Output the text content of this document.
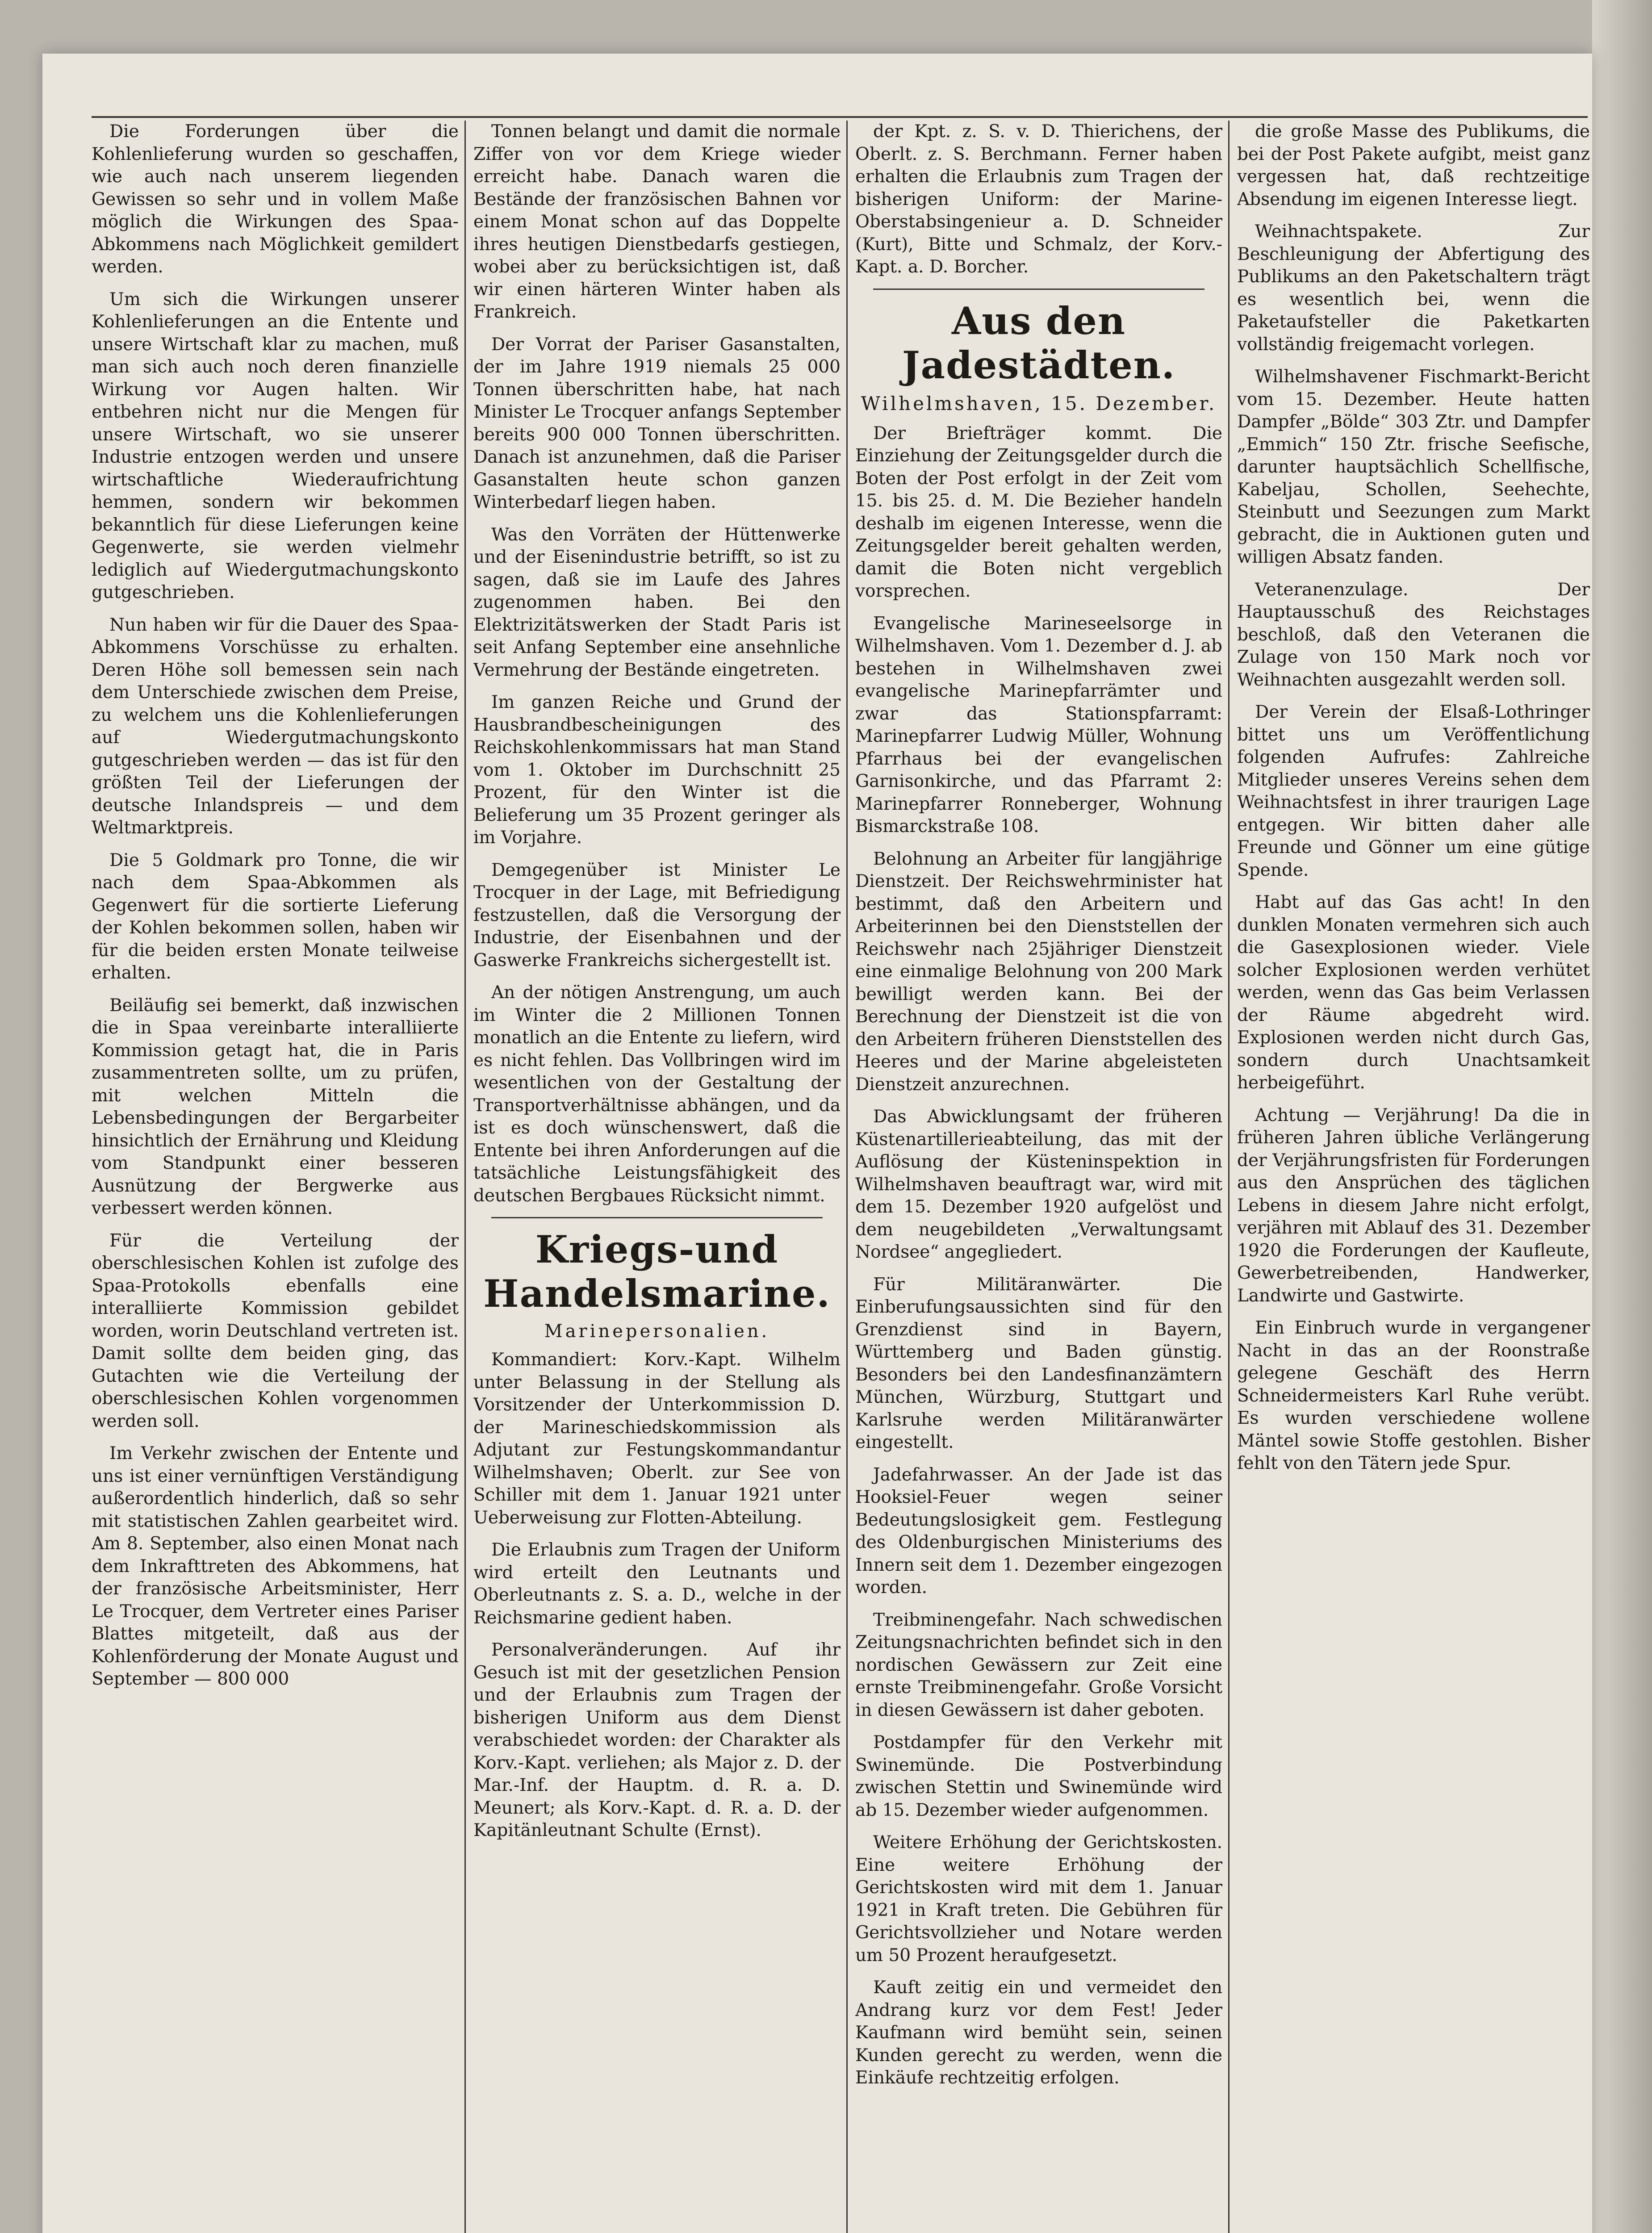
Die Forderungen über die Kohlenlieferung wurden so geschaffen, wie auch nach unserem liegenden Gewissen so sehr und in vollem Maße möglich die Wirkungen des Spaa-Abkommens nach Möglichkeit gemildert werden.

Um sich die Wirkungen unserer Kohlenlieferungen an die Entente und unsere Wirtschaft klar zu machen, muß man sich auch noch deren finanzielle Wirkung vor Augen halten. Wir entbehren nicht nur die Mengen für unsere Wirtschaft, wo sie unserer Industrie entzogen werden und unsere wirtschaftliche Wiederaufrichtung hemmen, sondern wir bekommen bekanntlich für diese Lieferungen keine Gegenwerte, sie werden vielmehr lediglich auf Wiedergutmachungskonto gutgeschrieben.

Nun haben wir für die Dauer des Spaa-Abkommens Vorschüsse zu erhalten. Deren Höhe soll bemessen sein nach dem Unterschiede zwischen dem Preise, zu welchem uns die Kohlenlieferungen auf Wiedergutmachungskonto gutgeschrieben werden — das ist für den größten Teil der Lieferungen der deutsche Inlandspreis — und dem Weltmarktpreis.

Die 5 Goldmark pro Tonne, die wir nach dem Spaa-Abkommen als Gegenwert für die sortierte Lieferung der Kohlen bekommen sollen, haben wir für die beiden ersten Monate teilweise erhalten.

Beiläufig sei bemerkt, daß inzwischen die in Spaa vereinbarte interalliierte Kommission getagt hat, die in Paris zusammentreten sollte, um zu prüfen, mit welchen Mitteln die Lebensbedingungen der Bergarbeiter hinsichtlich der Ernährung und Kleidung vom Standpunkt einer besseren Ausnützung der Bergwerke aus verbessert werden können.

Für die Verteilung der oberschlesischen Kohlen ist zufolge des Spaa-Protokolls ebenfalls eine interalliierte Kommission gebildet worden, worin Deutschland vertreten ist. Damit sollte dem beiden ging, das Gutachten wie die Verteilung der oberschlesischen Kohlen vorgenommen werden soll.

Im Verkehr zwischen der Entente und uns ist einer vernünftigen Verständigung außerordentlich hinderlich, daß so sehr mit statistischen Zahlen gearbeitet wird. Am 8. September, also einen Monat nach dem Inkrafttreten des Abkommens, hat der französische Arbeitsminister, Herr Le Trocquer, dem Vertreter eines Pariser Blattes mitgeteilt, daß aus der Kohlenförderung der Monate August und September — 800 000

Tonnen belangt und damit die normale Ziffer von vor dem Kriege wieder erreicht habe. Danach waren die Bestände der französischen Bahnen vor einem Monat schon auf das Doppelte ihres heutigen Dienstbedarfs gestiegen, wobei aber zu berücksichtigen ist, daß wir einen härteren Winter haben als Frankreich.

Der Vorrat der Pariser Gasanstalten, der im Jahre 1919 niemals 25 000 Tonnen überschritten habe, hat nach Minister Le Trocquer anfangs September bereits 900 000 Tonnen überschritten. Danach ist anzunehmen, daß die Pariser Gasanstalten heute schon ganzen Winterbedarf liegen haben.

Was den Vorräten der Hüttenwerke und der Eisenindustrie betrifft, so ist zu sagen, daß sie im Laufe des Jahres zugenommen haben. Bei den Elektrizitätswerken der Stadt Paris ist seit Anfang September eine ansehnliche Vermehrung der Bestände eingetreten.

Im ganzen Reiche und Grund der Hausbrandbescheinigungen des Reichskohlenkommissars hat man Stand vom 1. Oktober im Durchschnitt 25 Prozent, für den Winter ist die Belieferung um 35 Prozent geringer als im Vorjahre.

Demgegenüber ist Minister Le Trocquer in der Lage, mit Befriedigung festzustellen, daß die Versorgung der Industrie, der Eisenbahnen und der Gaswerke Frankreichs sichergestellt ist.

An der nötigen Anstrengung, um auch im Winter die 2 Millionen Tonnen monatlich an die Entente zu liefern, wird es nicht fehlen. Das Vollbringen wird im wesentlichen von der Gestaltung der Transportverhältnisse abhängen, und da ist es doch wünschenswert, daß die Entente bei ihren Anforderungen auf die tatsächliche Leistungsfähigkeit des deutschen Bergbaues Rücksicht nimmt.

Kriegs-und Handelsmarine.
Marinepersonalien.

Kommandiert: Korv.-Kapt. Wilhelm unter Belassung in der Stellung als Vorsitzender der Unterkommission D. der Marineschiedskommission als Adjutant zur Festungskommandantur Wilhelmshaven; Oberlt. zur See von Schiller mit dem 1. Januar 1921 unter Ueberweisung zur Flotten-Abteilung.

Die Erlaubnis zum Tragen der Uniform wird erteilt den Leutnants und Oberleutnants z. S. a. D., welche in der Reichsmarine gedient haben.

Personalveränderungen. Auf ihr Gesuch ist mit der gesetzlichen Pension und der Erlaubnis zum Tragen der bisherigen Uniform aus dem Dienst verabschiedet worden: der Charakter als Korv.-Kapt. verliehen; als Major z. D. der Mar.-Inf. der Hauptm. d. R. a. D. Meunert; als Korv.-Kapt. d. R. a. D. der Kapitänleutnant Schulte (Ernst).

der Kpt. z. S. v. D. Thierichens, der Oberlt. z. S. Berchmann. Ferner haben erhalten die Erlaubnis zum Tragen der bisherigen Uniform: der Marine-Oberstabsingenieur a. D. Schneider (Kurt), Bitte und Schmalz, der Korv.-Kapt. a. D. Borcher.

Aus den Jadestädten.
Wilhelmshaven, 15. Dezember.

Der Briefträger kommt. Die Einziehung der Zeitungsgelder durch die Boten der Post erfolgt in der Zeit vom 15. bis 25. d. M. Die Bezieher handeln deshalb im eigenen Interesse, wenn die Zeitungsgelder bereit gehalten werden, damit die Boten nicht vergeblich vorsprechen.

Evangelische Marineseelsorge in Wilhelmshaven. Vom 1. Dezember d. J. ab bestehen in Wilhelmshaven zwei evangelische Marinepfarrämter und zwar das Stationspfarramt: Marinepfarrer Ludwig Müller, Wohnung Pfarrhaus bei der evangelischen Garnisonkirche, und das Pfarramt 2: Marinepfarrer Ronneberger, Wohnung Bismarckstraße 108.

Belohnung an Arbeiter für langjährige Dienstzeit. Der Reichswehrminister hat bestimmt, daß den Arbeitern und Arbeiterinnen bei den Dienststellen der Reichswehr nach 25jähriger Dienstzeit eine einmalige Belohnung von 200 Mark bewilligt werden kann. Bei der Berechnung der Dienstzeit ist die von den Arbeitern früheren Dienststellen des Heeres und der Marine abgeleisteten Dienstzeit anzurechnen.

Das Abwicklungsamt der früheren Küstenartillerieabteilung, das mit der Auflösung der Küsteninspektion in Wilhelmshaven beauftragt war, wird mit dem 15. Dezember 1920 aufgelöst und dem neugebildeten „Verwaltungsamt Nordsee“ angegliedert.

Für Militäranwärter. Die Einberufungsaussichten sind für den Grenzdienst sind in Bayern, Württemberg und Baden günstig. Besonders bei den Landesfinanzämtern München, Würzburg, Stuttgart und Karlsruhe werden Militäranwärter eingestellt.

Jadefahrwasser. An der Jade ist das Hooksiel-Feuer wegen seiner Bedeutungslosigkeit gem. Festlegung des Oldenburgischen Ministeriums des Innern seit dem 1. Dezember eingezogen worden.

Treibminengefahr. Nach schwedischen Zeitungsnachrichten befindet sich in den nordischen Gewässern zur Zeit eine ernste Treibminengefahr. Große Vorsicht in diesen Gewässern ist daher geboten.

Postdampfer für den Verkehr mit Swinemünde. Die Postverbindung zwischen Stettin und Swinemünde wird ab 15. Dezember wieder aufgenommen.

Weitere Erhöhung der Gerichtskosten. Eine weitere Erhöhung der Gerichtskosten wird mit dem 1. Januar 1921 in Kraft treten. Die Gebühren für Gerichtsvollzieher und Notare werden um 50 Prozent heraufgesetzt.

Kauft zeitig ein und vermeidet den Andrang kurz vor dem Fest! Jeder Kaufmann wird bemüht sein, seinen Kunden gerecht zu werden, wenn die Einkäufe rechtzeitig erfolgen.

die große Masse des Publikums, die bei der Post Pakete aufgibt, meist ganz vergessen hat, daß rechtzeitige Absendung im eigenen Interesse liegt.

Weihnachtspakete. Zur Beschleunigung der Abfertigung des Publikums an den Paketschaltern trägt es wesentlich bei, wenn die Paketaufsteller die Paketkarten vollständig freigemacht vorlegen.

Wilhelmshavener Fischmarkt-Bericht vom 15. Dezember. Heute hatten Dampfer „Bölde“ 303 Ztr. und Dampfer „Emmich“ 150 Ztr. frische Seefische, darunter hauptsächlich Schellfische, Kabeljau, Schollen, Seehechte, Steinbutt und Seezungen zum Markt gebracht, die in Auktionen guten und willigen Absatz fanden.

Veteranenzulage. Der Hauptausschuß des Reichstages beschloß, daß den Veteranen die Zulage von 150 Mark noch vor Weihnachten ausgezahlt werden soll.

Der Verein der Elsaß-Lothringer bittet uns um Veröffentlichung folgenden Aufrufes: Zahlreiche Mitglieder unseres Vereins sehen dem Weihnachtsfest in ihrer traurigen Lage entgegen. Wir bitten daher alle Freunde und Gönner um eine gütige Spende.

Habt auf das Gas acht! In den dunklen Monaten vermehren sich auch die Gasexplosionen wieder. Viele solcher Explosionen werden verhütet werden, wenn das Gas beim Verlassen der Räume abgedreht wird. Explosionen werden nicht durch Gas, sondern durch Unachtsamkeit herbeigeführt.

Achtung — Verjährung! Da die in früheren Jahren übliche Verlängerung der Verjährungsfristen für Forderungen aus den Ansprüchen des täglichen Lebens in diesem Jahre nicht erfolgt, verjähren mit Ablauf des 31. Dezember 1920 die Forderungen der Kaufleute, Gewerbetreibenden, Handwerker, Landwirte und Gastwirte.

Ein Einbruch wurde in vergangener Nacht in das an der Roonstraße gelegene Geschäft des Herrn Schneidermeisters Karl Ruhe verübt. Es wurden verschiedene wollene Mäntel sowie Stoffe gestohlen. Bisher fehlt von den Tätern jede Spur.
